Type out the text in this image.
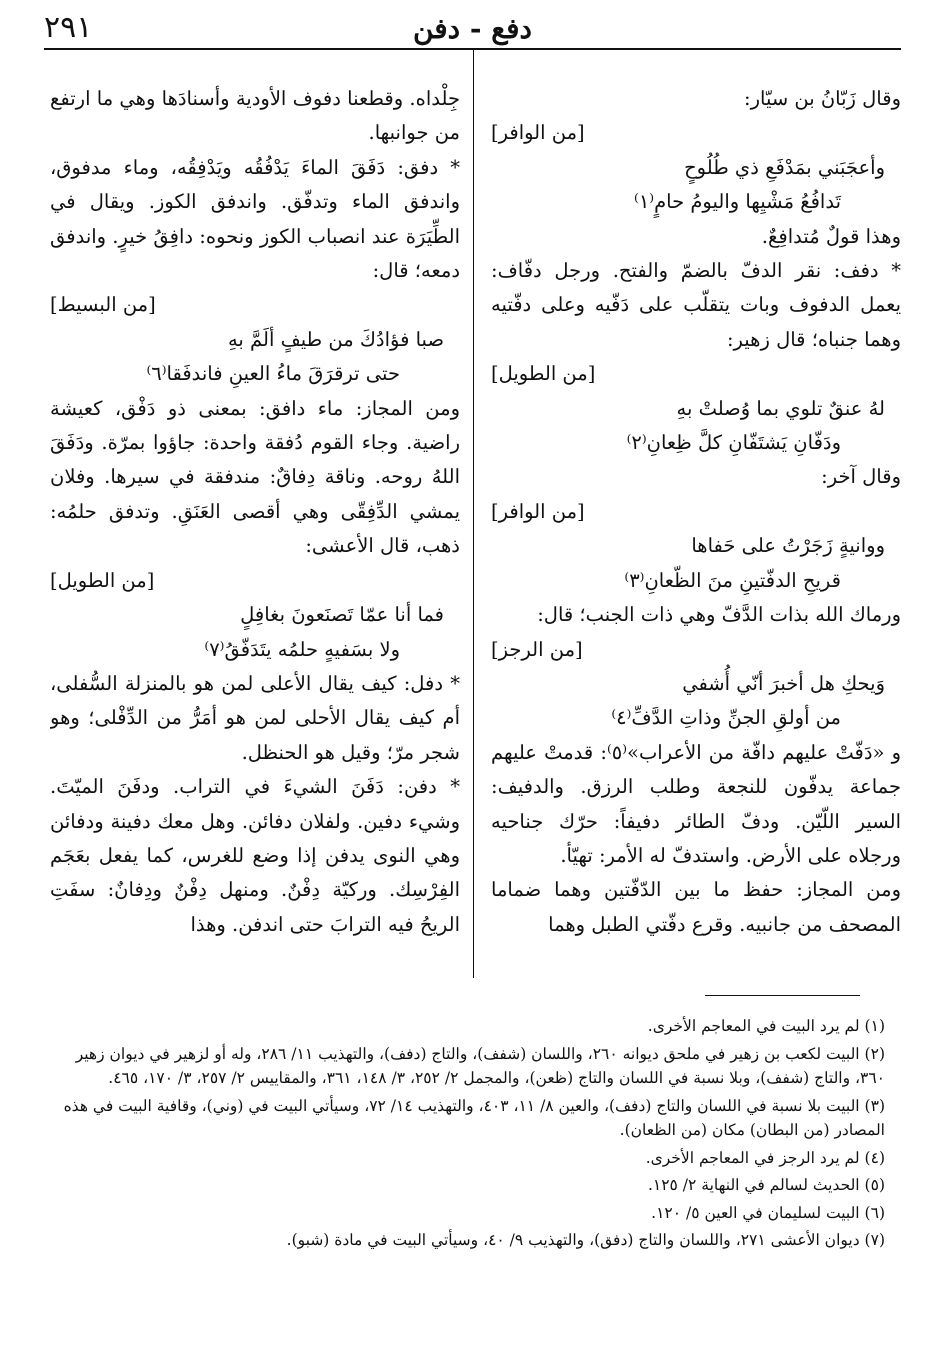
٢٩١	دفع - دفن

وقال زَبّانُ بن سيّار:

[من الوافر]

وأعجَبَني بمَدْفَعِ ذي طُلُوحٍ

تَدافُعُ مَشْيِها واليومُ حامٍ⁽١⁾

وهذا قولٌ مُتدافِعٌ.

* دفف: نقر الدفّ بالضمّ والفتح. ورجل دفّاف: يعمل الدفوف وبات يتقلّب على دَفّيه وعلى دفّتيه وهما جنباه؛ قال زهير:

[من الطويل]

لهُ عنقٌ تلوي بما وُصلتْ بهِ

ودَفّانِ يَشتَفّانِ كلَّ ظِعانِ⁽٢⁾

وقال آخر:

[من الوافر]

ووانيةٍ زَجَرْتُ على حَفاها

قريحِ الدفّتينِ منَ الظّعانِ⁽٣⁾

ورماك الله بذات الدَّفّ وهي ذات الجنب؛ قال:

[من الرجز]

وَيحكِ هل أخبرَ أنّي أُشفي

من أولقِ الجنِّ وذاتِ الدَّفِّ⁽٤⁾

و «دَفّتْ عليهم دافّة من الأعراب»⁽٥⁾: قدمتْ عليهم جماعة يدفّون للنجعة وطلب الرزق. والدفيف: السير اللّيّن. ودفّ الطائر دفيفاً: حرّك جناحيه ورجلاه على الأرض. واستدفّ له الأمر: تهيّأ.

ومن المجاز: حفظ ما بين الدّفّتين وهما ضماما المصحف من جانبيه. وقرع دفّتي الطبل وهما

جِلْداه. وقطعنا دفوف الأودية وأسنادَها وهي ما ارتفع من جوانبها.

* دفق: دَفَقَ الماءَ يَدْفُقُه ويَدْفِقُه، وماء مدفوق، واندفق الماء وتدفّق. واندفق الكوز. ويقال في الطِّيَرَة عند انصباب الكوز ونحوه: دافِقُ خيرٍ. واندفق دمعه؛ قال:

[من البسيط]

صبا فؤادُكَ من طيفٍ ألَمَّ بهِ

حتى ترقرَقَ ماءُ العينِ فاندفَقا⁽٦⁾

ومن المجاز: ماء دافق: بمعنى ذو دَفْق، كعيشة راضية. وجاء القوم دُفقة واحدة: جاؤوا بمرّة. ودَفَقَ اللهُ روحه. وناقة دِفاقٌ: مندفقة في سيرها. وفلان يمشي الدِّفِقّى وهي أقصى العَنَقِ. وتدفق حلمُه: ذهب، قال الأعشى:

[من الطويل]

فما أنا عمّا تَصنَعونَ بغافِلٍ

ولا بسَفيهٍ حلمُه يتَدَفّقُ⁽٧⁾

* دفل: كيف يقال الأعلى لمن هو بالمنزلة السُّفلى، أم كيف يقال الأحلى لمن هو أمَرُّ من الدِّفْلى؛ وهو شجر مرّ؛ وقيل هو الحنظل.

* دفن: دَفَنَ الشيءَ في التراب. ودفَنَ الميّتَ. وشيء دفين. ولفلان دفائن. وهل معك دفينة ودفائن وهي النوى يدفن إذا وضع للغرس، كما يفعل بعَجَم الفِرْسِك. وركيّة دِفْنٌ. ومنهل دِفْنٌ ودِفانٌ: سفَتِ الريحُ فيه الترابَ حتى اندفن. وهذا

(١) لم يرد البيت في المعاجم الأخرى.

(٢) البيت لكعب بن زهير في ملحق ديوانه ٢٦٠، واللسان (شفف)، والتاج (دفف)، والتهذيب ١١/ ٢٨٦، وله أو لزهير في ديوان زهير ٣٦٠، والتاج (شفف)، وبلا نسبة في اللسان والتاج (ظعن)، والمجمل ٢/ ٢٥٢، ٣/ ١٤٨، ٣٦١، والمقاييس ٢/ ٢٥٧، ٣/ ١٧٠، ٤٦٥.

(٣) البيت بلا نسبة في اللسان والتاج (دفف)، والعين ٨/ ١١، ٤٠٣، والتهذيب ١٤/ ٧٢، وسيأتي البيت في (وني)، وقافية البيت في هذه المصادر (من البطان) مكان (من الظعان).

(٤) لم يرد الرجز في المعاجم الأخرى.

(٥) الحديث لسالم في النهاية ٢/ ١٢٥.

(٦) البيت لسليمان في العين ٥/ ١٢٠.

(٧) ديوان الأعشى ٢٧١، واللسان والتاج (دفق)، والتهذيب ٩/ ٤٠، وسيأتي البيت في مادة (شبو).
